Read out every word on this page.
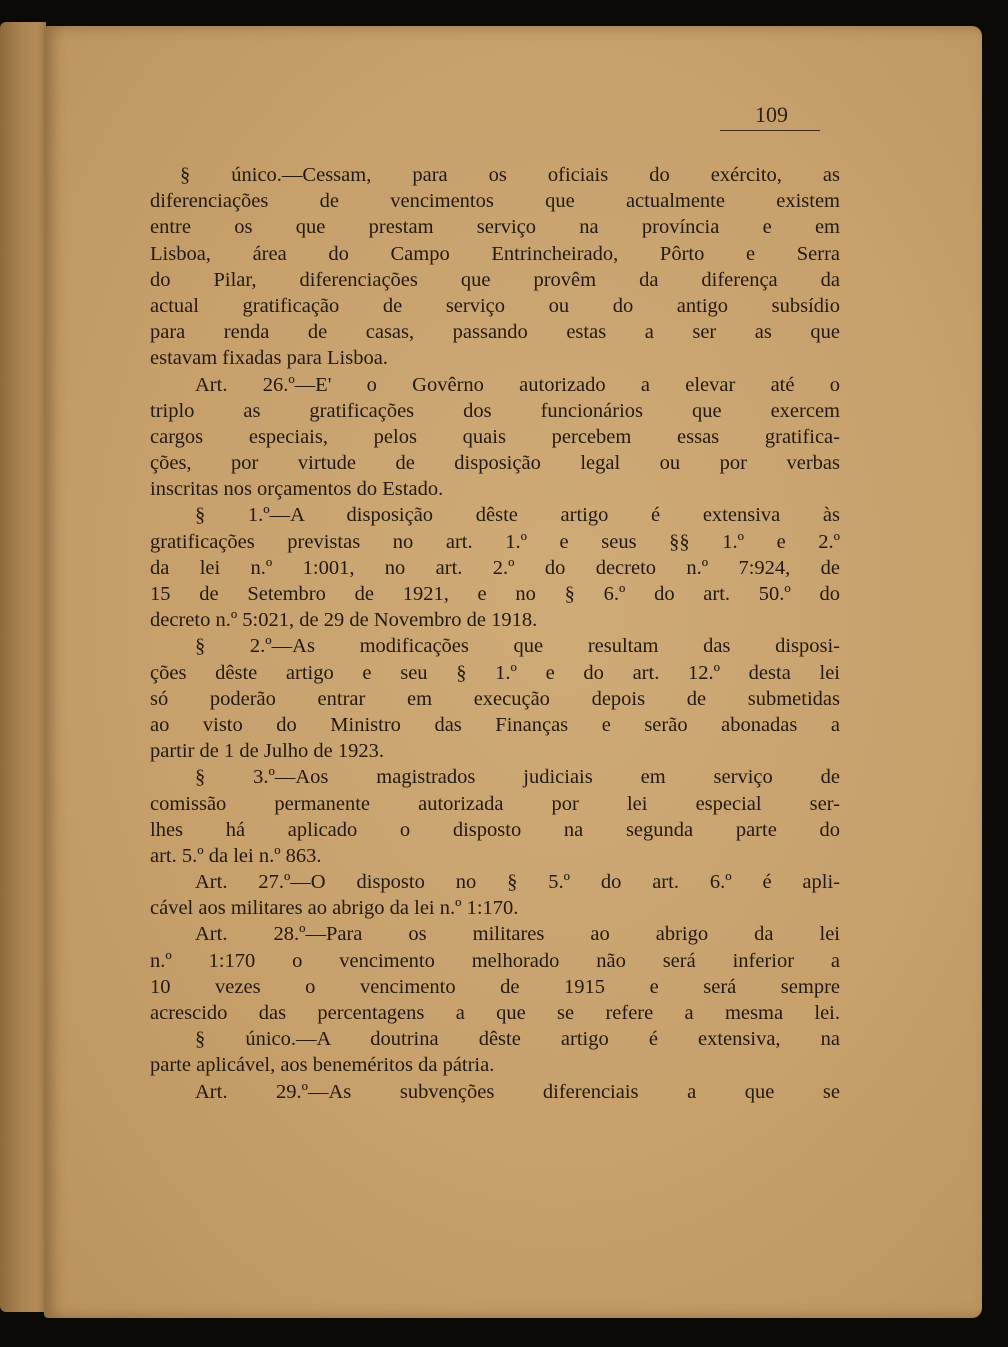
109
§ único.—Cessam, para os oficiais do exército, as
diferenciações de vencimentos que actualmente existem
entre os que prestam serviço na província e em
Lisboa, área do Campo Entrincheirado, Pôrto e Serra
do Pilar, diferenciações que provêm da diferença da
actual gratificação de serviço ou do antigo subsídio
para renda de casas, passando estas a ser as que
estavam fixadas para Lisboa.
Art. 26.º—E' o Govêrno autorizado a elevar até o
triplo as gratificações dos funcionários que exercem
cargos especiais, pelos quais percebem essas gratifica-
ções, por virtude de disposição legal ou por verbas
inscritas nos orçamentos do Estado.
§ 1.º—A disposição dêste artigo é extensiva às
gratificações previstas no art. 1.º e seus §§ 1.º e 2.º
da lei n.º 1:001, no art. 2.º do decreto n.º 7:924, de
15 de Setembro de 1921, e no § 6.º do art. 50.º do
decreto n.º 5:021, de 29 de Novembro de 1918.
§ 2.º—As modificações que resultam das disposi-
ções dêste artigo e seu § 1.º e do art. 12.º desta lei
só poderão entrar em execução depois de submetidas
ao visto do Ministro das Finanças e serão abonadas a
partir de 1 de Julho de 1923.
§ 3.º—Aos magistrados judiciais em serviço de
comissão permanente autorizada por lei especial ser-
lhes há aplicado o disposto na segunda parte do
art. 5.º da lei n.º 863.
Art. 27.º—O disposto no § 5.º do art. 6.º é apli-
cável aos militares ao abrigo da lei n.º 1:170.
Art. 28.º—Para os militares ao abrigo da lei
n.º 1:170 o vencimento melhorado não será inferior a
10 vezes o vencimento de 1915 e será sempre
acrescido das percentagens a que se refere a mesma lei.
§ único.—A doutrina dêste artigo é extensiva, na
parte aplicável, aos beneméritos da pátria.
Art. 29.º—As subvenções diferenciais a que se
